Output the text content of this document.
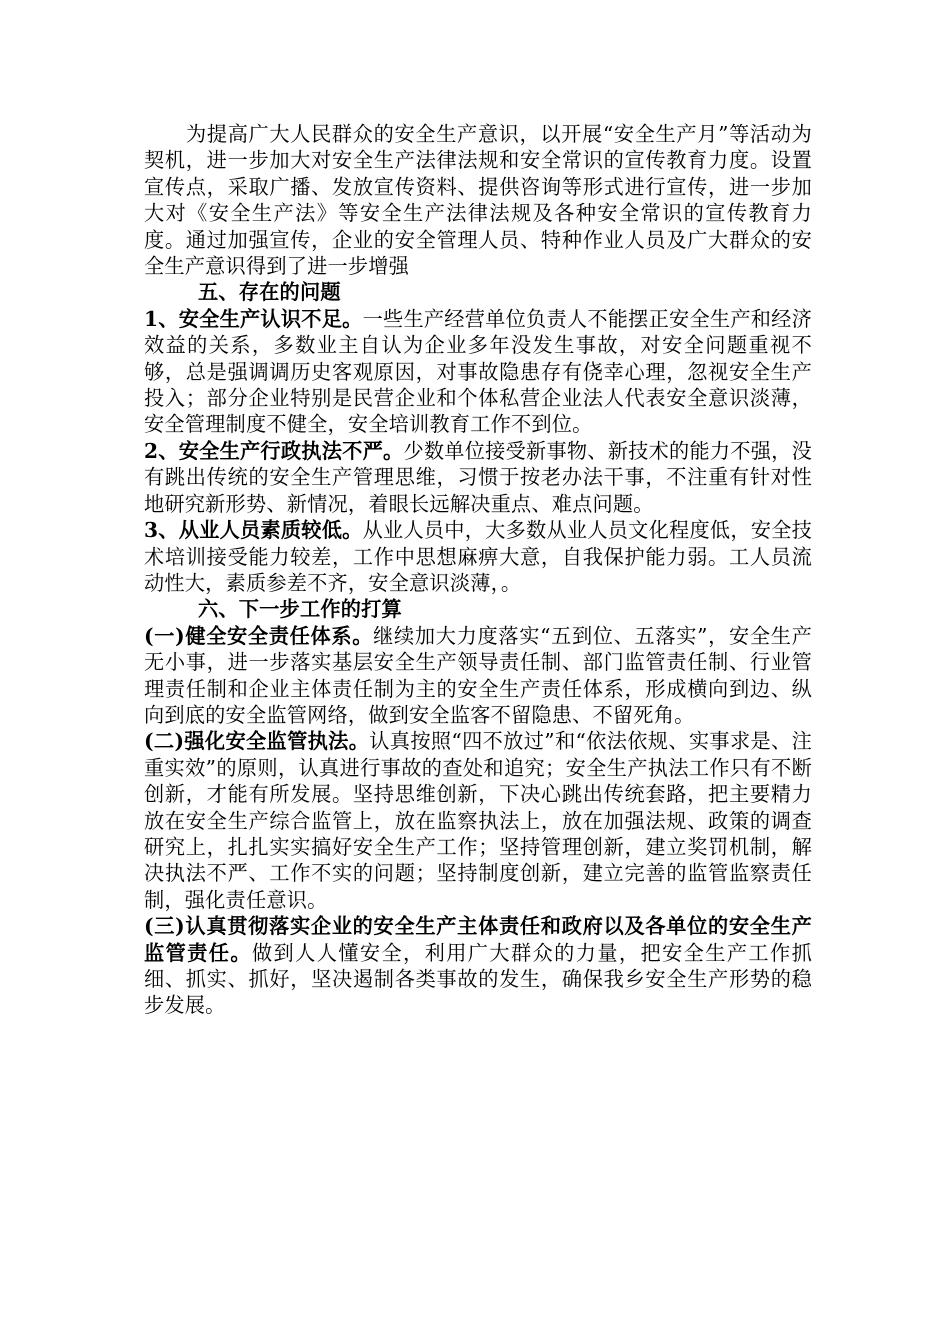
为提高广大人民群众的安全生产意识，以开展“安全生产月”等活动为契机，进一步加大对安全生产法律法规和安全常识的宣传教育力度。设置宣传点，采取广播、发放宣传资料、提供咨询等形式进行宣传，进一步加大对《安全生产法》等安全生产法律法规及各种安全常识的宣传教育力度。通过加强宣传，企业的安全管理人员、特种作业人员及广大群众的安全生产意识得到了进一步增强

五、存在的问题

1、安全生产认识不足。一些生产经营单位负责人不能摆正安全生产和经济效益的关系，多数业主自认为企业多年没发生事故，对安全问题重视不够，总是强调调历史客观原因，对事故隐患存有侥幸心理，忽视安全生产投入；部分企业特别是民营企业和个体私营企业法人代表安全意识淡薄，安全管理制度不健全，安全培训教育工作不到位。

2、安全生产行政执法不严。少数单位接受新事物、新技术的能力不强，没有跳出传统的安全生产管理思维，习惯于按老办法干事，不注重有针对性地研究新形势、新情况，着眼长远解决重点、难点问题。

3、从业人员素质较低。从业人员中，大多数从业人员文化程度低，安全技术培训接受能力较差，工作中思想麻痹大意，自我保护能力弱。工人员流动性大，素质参差不齐，安全意识淡薄，。

六、下一步工作的打算

(一)健全安全责任体系。继续加大力度落实“五到位、五落实”，安全生产无小事，进一步落实基层安全生产领导责任制、部门监管责任制、行业管理责任制和企业主体责任制为主的安全生产责任体系，形成横向到边、纵向到底的安全监管网络，做到安全监客不留隐患、不留死角。

(二)强化安全监管执法。认真按照“四不放过”和“依法依规、实事求是、注重实效”的原则，认真进行事故的查处和追究；安全生产执法工作只有不断创新，才能有所发展。坚持思维创新，下决心跳出传统套路，把主要精力放在安全生产综合监管上，放在监察执法上，放在加强法规、政策的调查研究上，扎扎实实搞好安全生产工作；坚持管理创新，建立奖罚机制，解决执法不严、工作不实的问题；坚持制度创新，建立完善的监管监察责任制，强化责任意识。

(三)认真贯彻落实企业的安全生产主体责任和政府以及各单位的安全生产监管责任。做到人人懂安全，利用广大群众的力量，把安全生产工作抓细、抓实、抓好，坚决遏制各类事故的发生，确保我乡安全生产形势的稳步发展。
